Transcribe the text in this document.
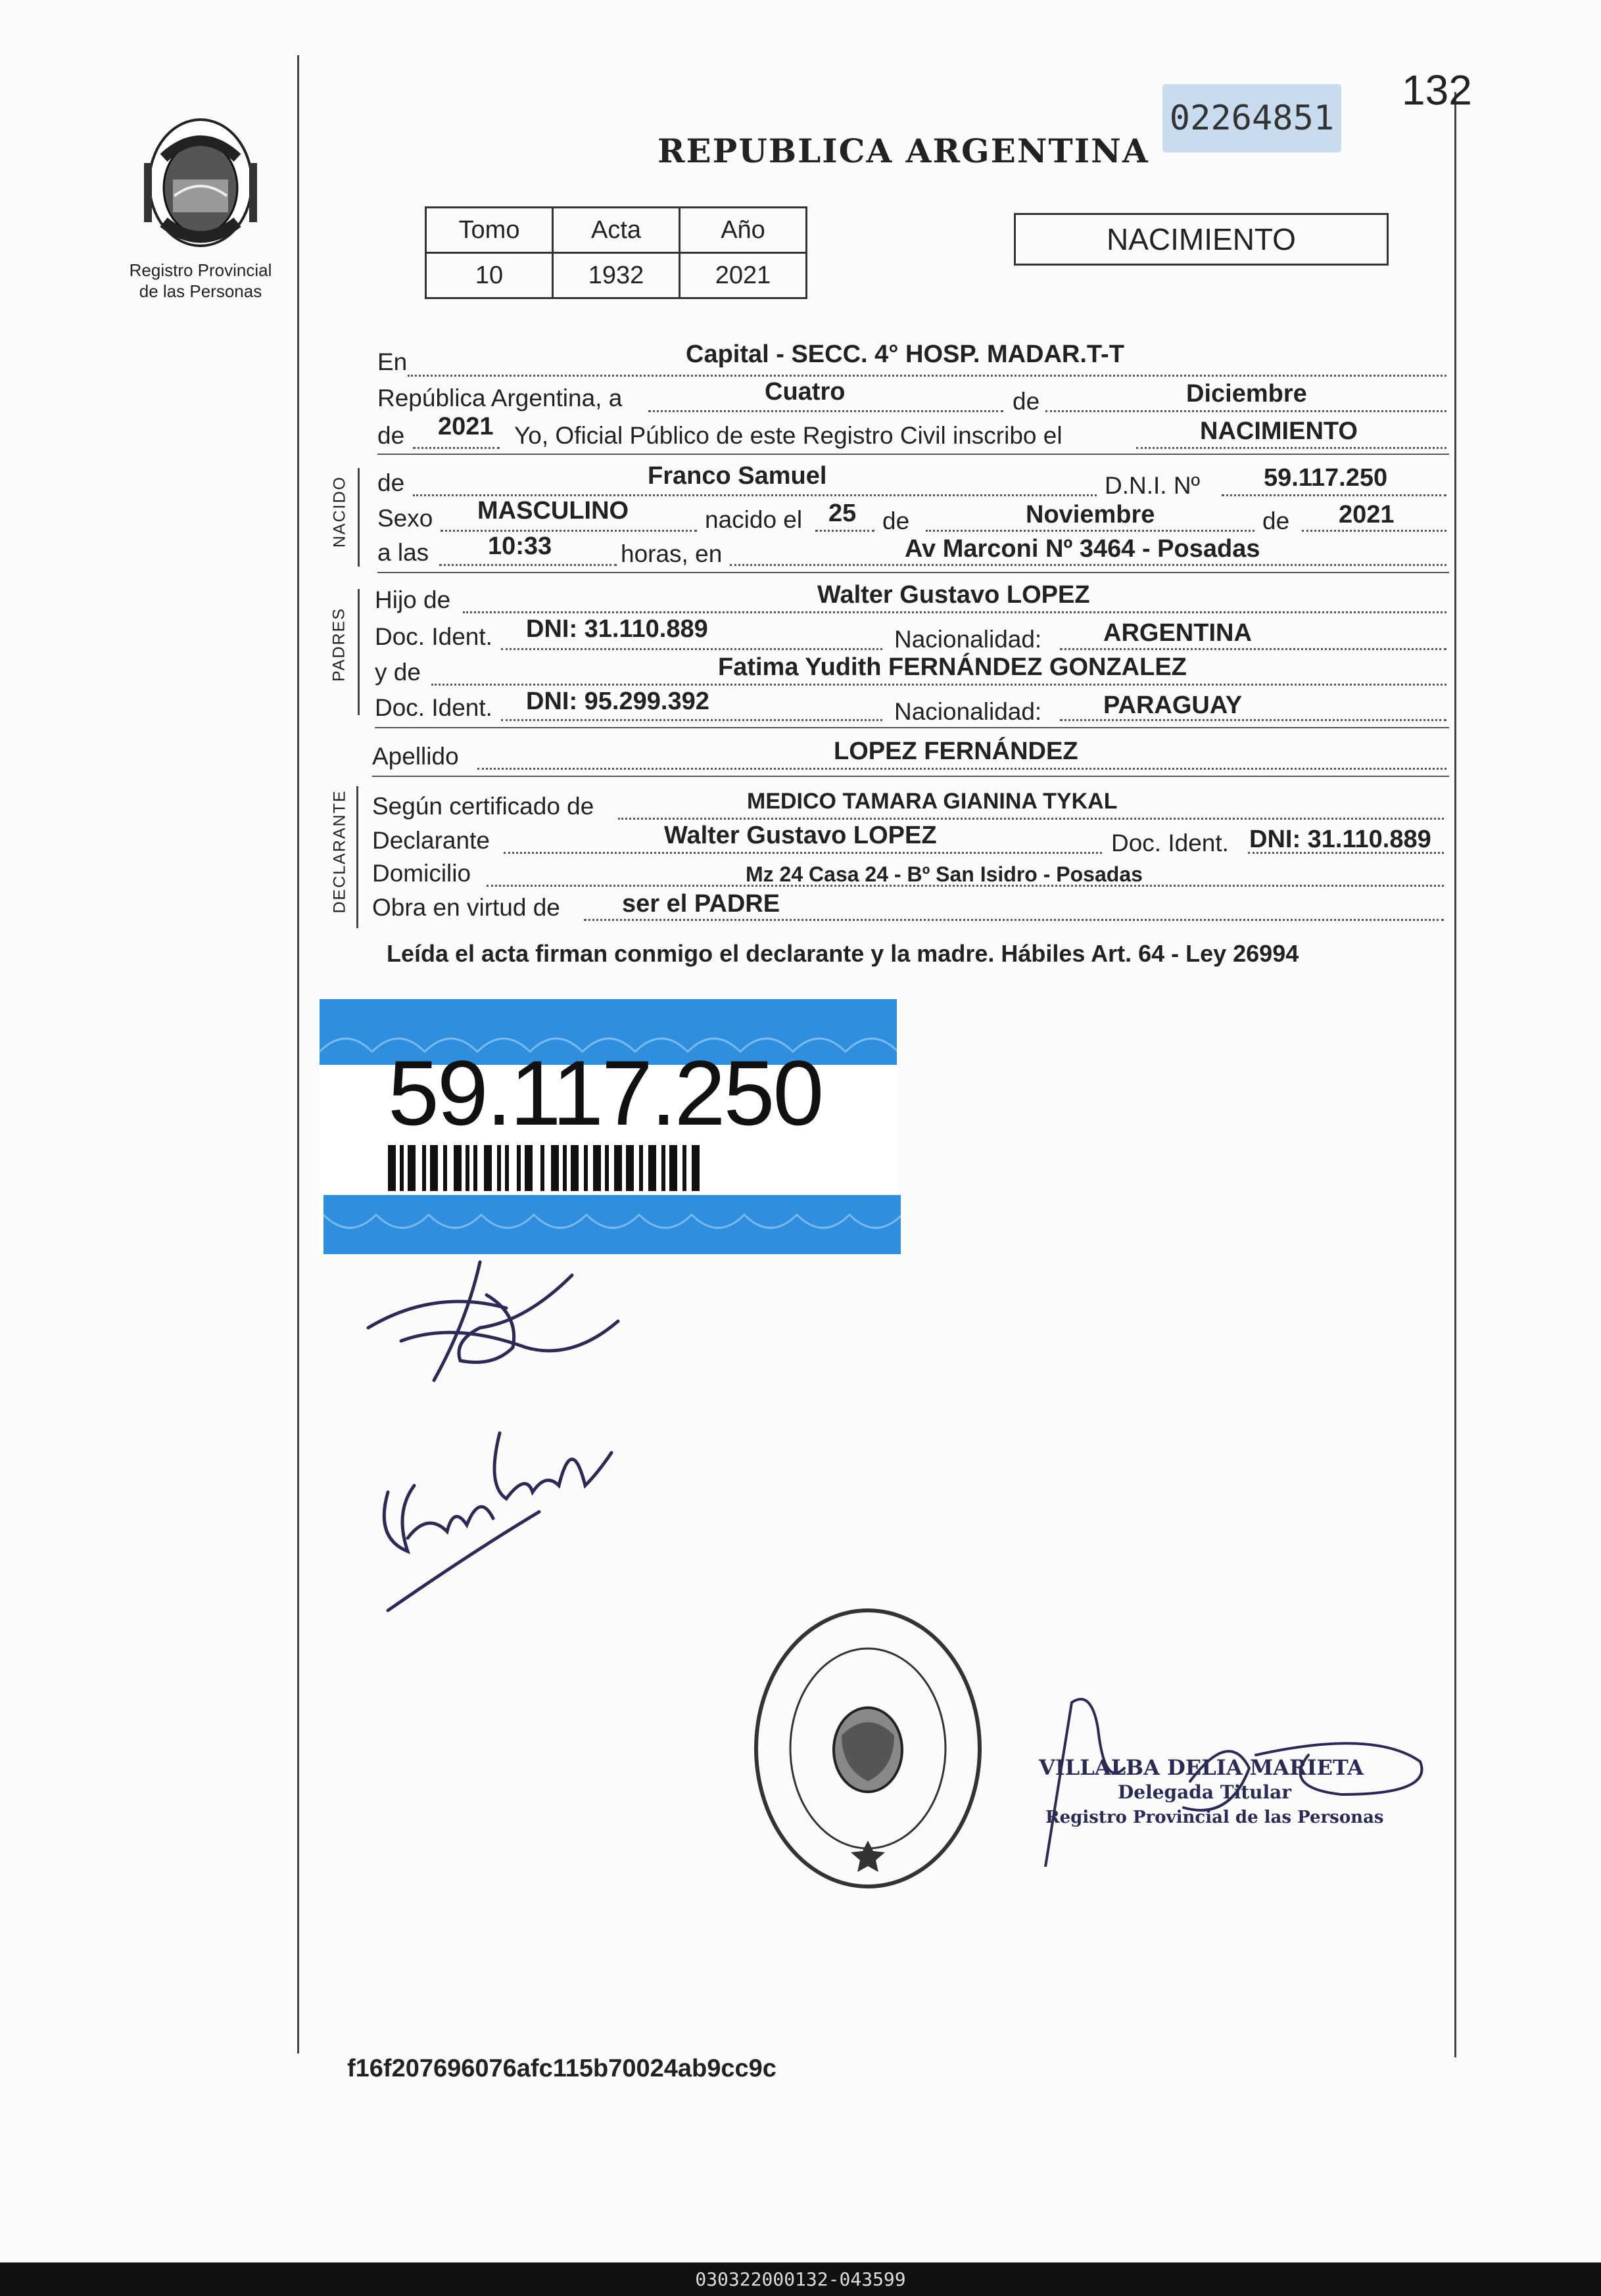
132
02264851
REPUBLICA ARGENTINA
Registro Provincial
de las Personas
Tomo	Acta	Año
10	1932	2021
NACIMIENTO
En	Capital - SECC. 4° HOSP. MADAR.T-T
República Argentina, a	Cuatro	de	Diciembre
de 2021 Yo, Oficial Público de este Registro Civil inscribo el	NACIMIENTO
NACIDO de	Franco Samuel	D.N.I. Nº	59.117.250
Sexo MASCULINO	nacido el 25 de	Noviembre	de 2021
a las 10:33	horas, en	Av Marconi Nº 3464 - Posadas
PADRES
Hijo de	Walter Gustavo LOPEZ
Doc. Ident. DNI: 31.110.889	Nacionalidad: ARGENTINA
y de	Fatima Yudith FERNÁNDEZ GONZALEZ
Doc. Ident. DNI: 95.299.392	Nacionalidad: PARAGUAY
Apellido	LOPEZ FERNÁNDEZ
DECLARANTE Según certificado de	MEDICO TAMARA GIANINA TYKAL
Declarante	Walter Gustavo LOPEZ	Doc. Ident. DNI: 31.110.889
Domicilio	Mz 24 Casa 24 - Bº San Isidro - Posadas
Obra en virtud de ser el PADRE
Leída el acta firman conmigo el declarante y la madre. Hábiles Art. 64 - Ley 26994
59.117.250
VILLALBA DELIA MARIETA
Delegada Titular
Registro Provincial de las Personas
f16f207696076afc115b70024ab9cc9c
030322000132-043599
